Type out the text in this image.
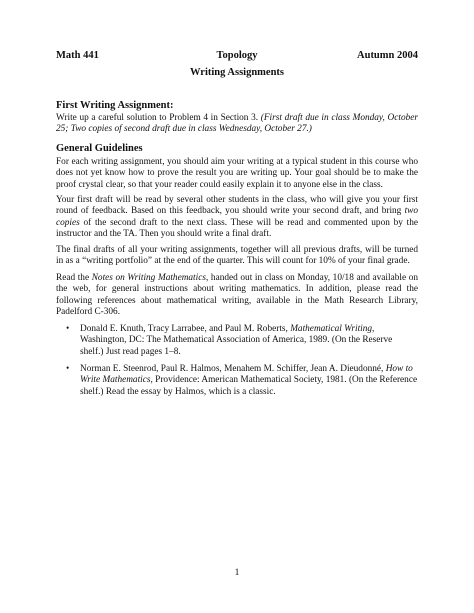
Math 441	Topology	Autumn 2004
Writing Assignments
First Writing Assignment:

Write up a careful solution to Problem 4 in Section 3. (First draft due in class Monday, October 25; Two copies of second draft due in class Wednesday, October 27.)

General Guidelines

For each writing assignment, you should aim your writing at a typical student in this course who does not yet know how to prove the result you are writing up. Your goal should be to make the proof crystal clear, so that your reader could easily explain it to anyone else in the class.

Your first draft will be read by several other students in the class, who will give you your first round of feedback. Based on this feedback, you should write your second draft, and bring two copies of the second draft to the next class. These will be read and commented upon by the instructor and the TA. Then you should write a final draft.

The final drafts of all your writing assignments, together will all previous drafts, will be turned in as a “writing portfolio” at the end of the quarter. This will count for 10% of your final grade.

Read the Notes on Writing Mathematics, handed out in class on Monday, 10/18 and available on the web, for general instructions about writing mathematics. In addition, please read the following references about mathematical writing, available in the Math Research Library, Padelford C-306.

• Donald E. Knuth, Tracy Larrabee, and Paul M. Roberts, Mathematical Writing, Washington, DC: The Mathematical Association of America, 1989. (On the Reserve shelf.) Just read pages 1–8.
• Norman E. Steenrod, Paul R. Halmos, Menahem M. Schiffer, Jean A. Dieudonné, How to Write Mathematics, Providence: American Mathematical Society, 1981. (On the Reference shelf.) Read the essay by Halmos, which is a classic.
1
